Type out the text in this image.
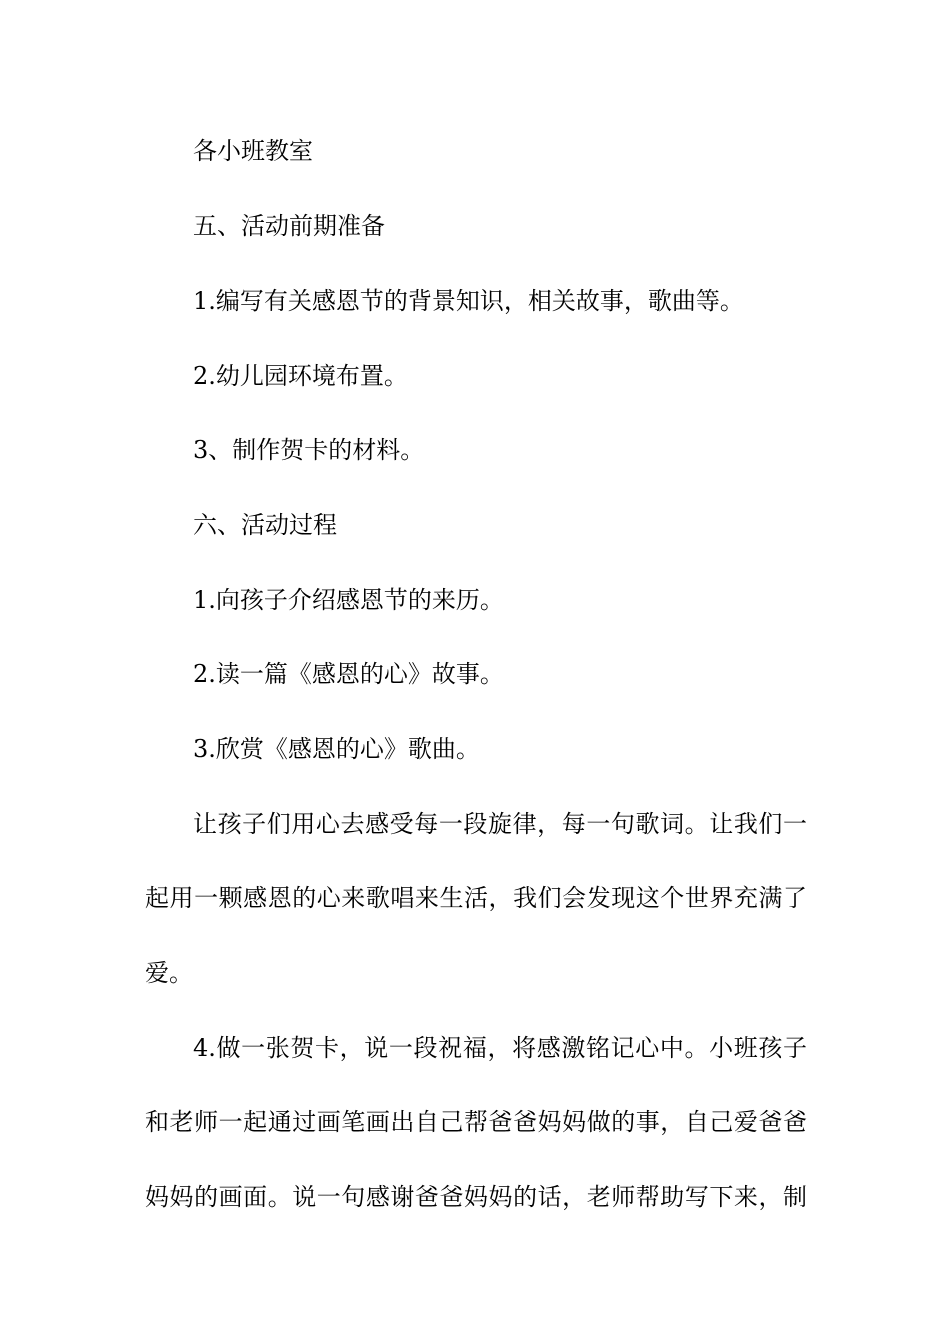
各小班教室
五、活动前期准备
1.编写有关感恩节的背景知识，相关故事，歌曲等。
2.幼儿园环境布置。
3、制作贺卡的材料。
六、活动过程
1.向孩子介绍感恩节的来历。
2.读一篇《感恩的心》故事。
3.欣赏《感恩的心》歌曲。
让孩子们用心去感受每一段旋律，每一句歌词。让我们一
起用一颗感恩的心来歌唱来生活，我们会发现这个世界充满了
爱。
4.做一张贺卡，说一段祝福，将感激铭记心中。小班孩子
和老师一起通过画笔画出自己帮爸爸妈妈做的事，自己爱爸爸
妈妈的画面。说一句感谢爸爸妈妈的话，老师帮助写下来，制
